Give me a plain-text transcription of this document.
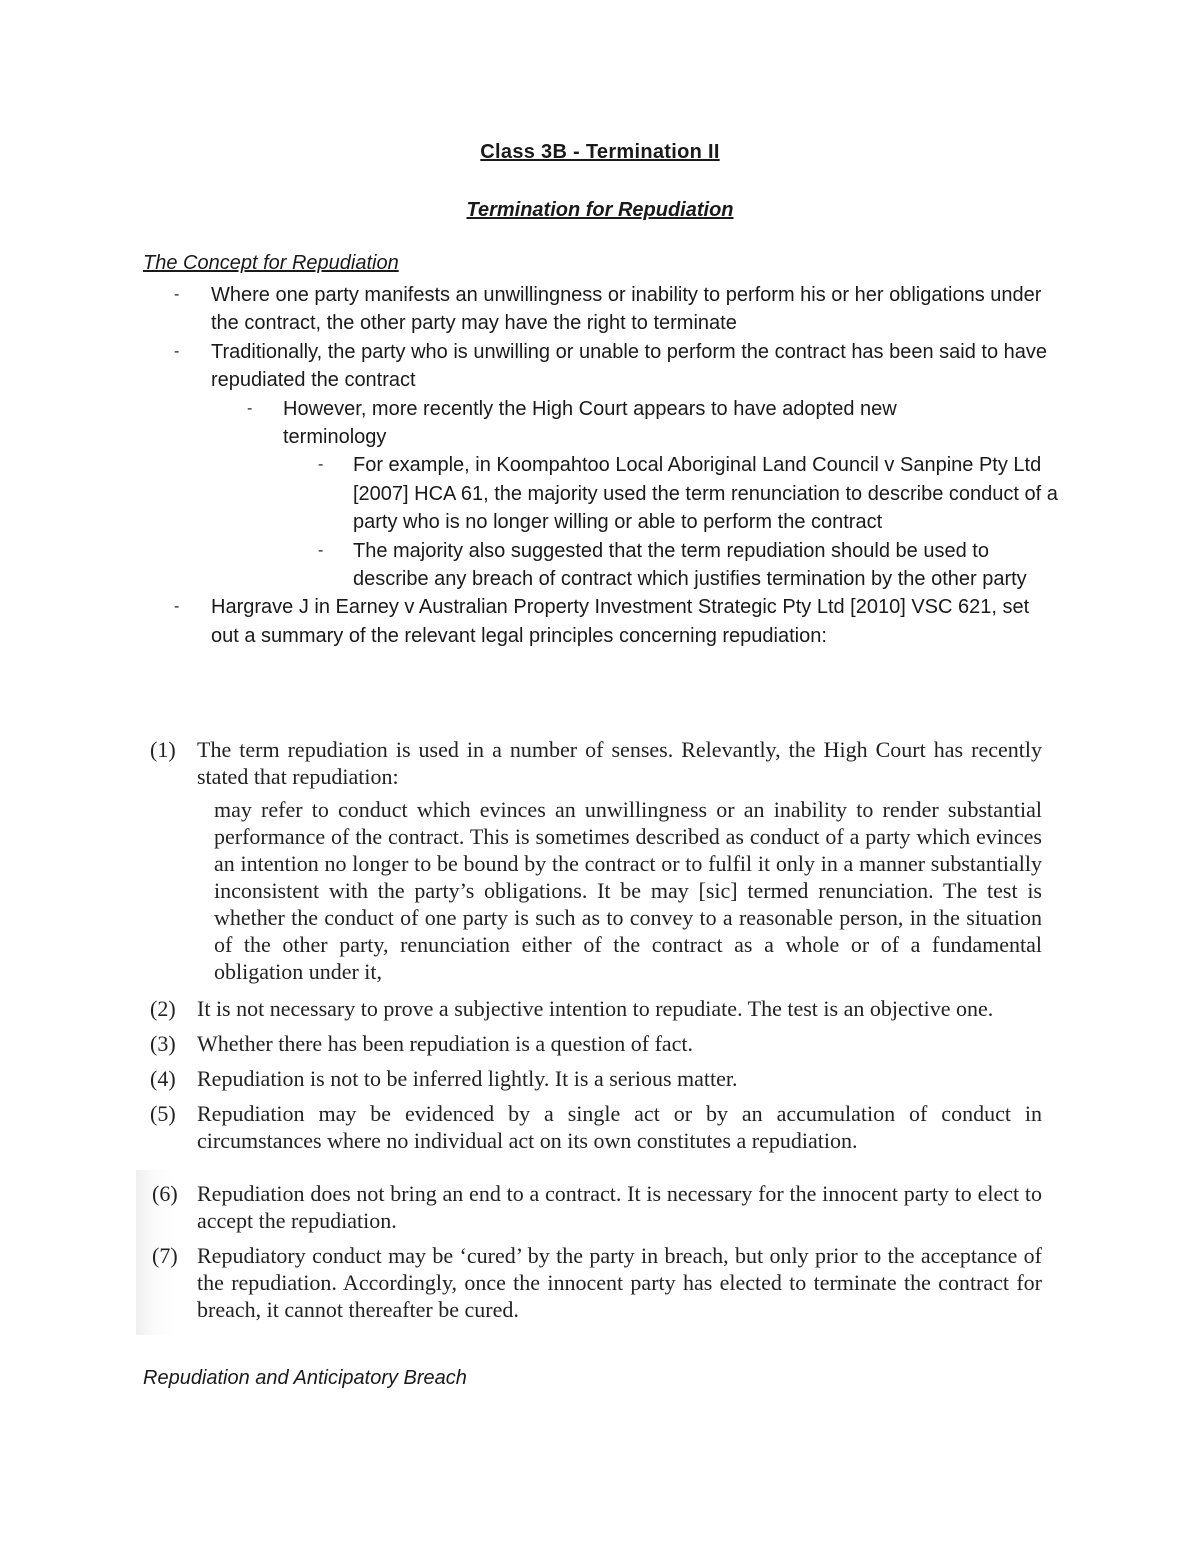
Class 3B - Termination II
Termination for Repudiation
The Concept for Repudiation
- Where one party manifests an unwillingness or inability to perform his or her obligations under the contract, the other party may have the right to terminate
- Traditionally, the party who is unwilling or unable to perform the contract has been said to have repudiated the contract
- However, more recently the High Court appears to have adopted new terminology
- For example, in Koompahtoo Local Aboriginal Land Council v Sanpine Pty Ltd [2007] HCA 61, the majority used the term renunciation to describe conduct of a party who is no longer willing or able to perform the contract
- The majority also suggested that the term repudiation should be used to describe any breach of contract which justifies termination by the other party
- Hargrave J in Earney v Australian Property Investment Strategic Pty Ltd [2010] VSC 621, set out a summary of the relevant legal principles concerning repudiation:
(1) The term repudiation is used in a number of senses. Relevantly, the High Court has recently stated that repudiation:
may refer to conduct which evinces an unwillingness or an inability to render substantial performance of the contract. This is sometimes described as conduct of a party which evinces an intention no longer to be bound by the contract or to fulfil it only in a manner substantially inconsistent with the party’s obligations. It be may [sic] termed renunciation. The test is whether the conduct of one party is such as to convey to a reasonable person, in the situation of the other party, renunciation either of the contract as a whole or of a fundamental obligation under it,
(2) It is not necessary to prove a subjective intention to repudiate. The test is an objective one.
(3) Whether there has been repudiation is a question of fact.
(4) Repudiation is not to be inferred lightly. It is a serious matter.
(5) Repudiation may be evidenced by a single act or by an accumulation of conduct in circumstances where no individual act on its own constitutes a repudiation.
(6) Repudiation does not bring an end to a contract. It is necessary for the innocent party to elect to accept the repudiation.
(7) Repudiatory conduct may be ‘cured’ by the party in breach, but only prior to the acceptance of the repudiation. Accordingly, once the innocent party has elected to terminate the contract for breach, it cannot thereafter be cured.
Repudiation and Anticipatory Breach
